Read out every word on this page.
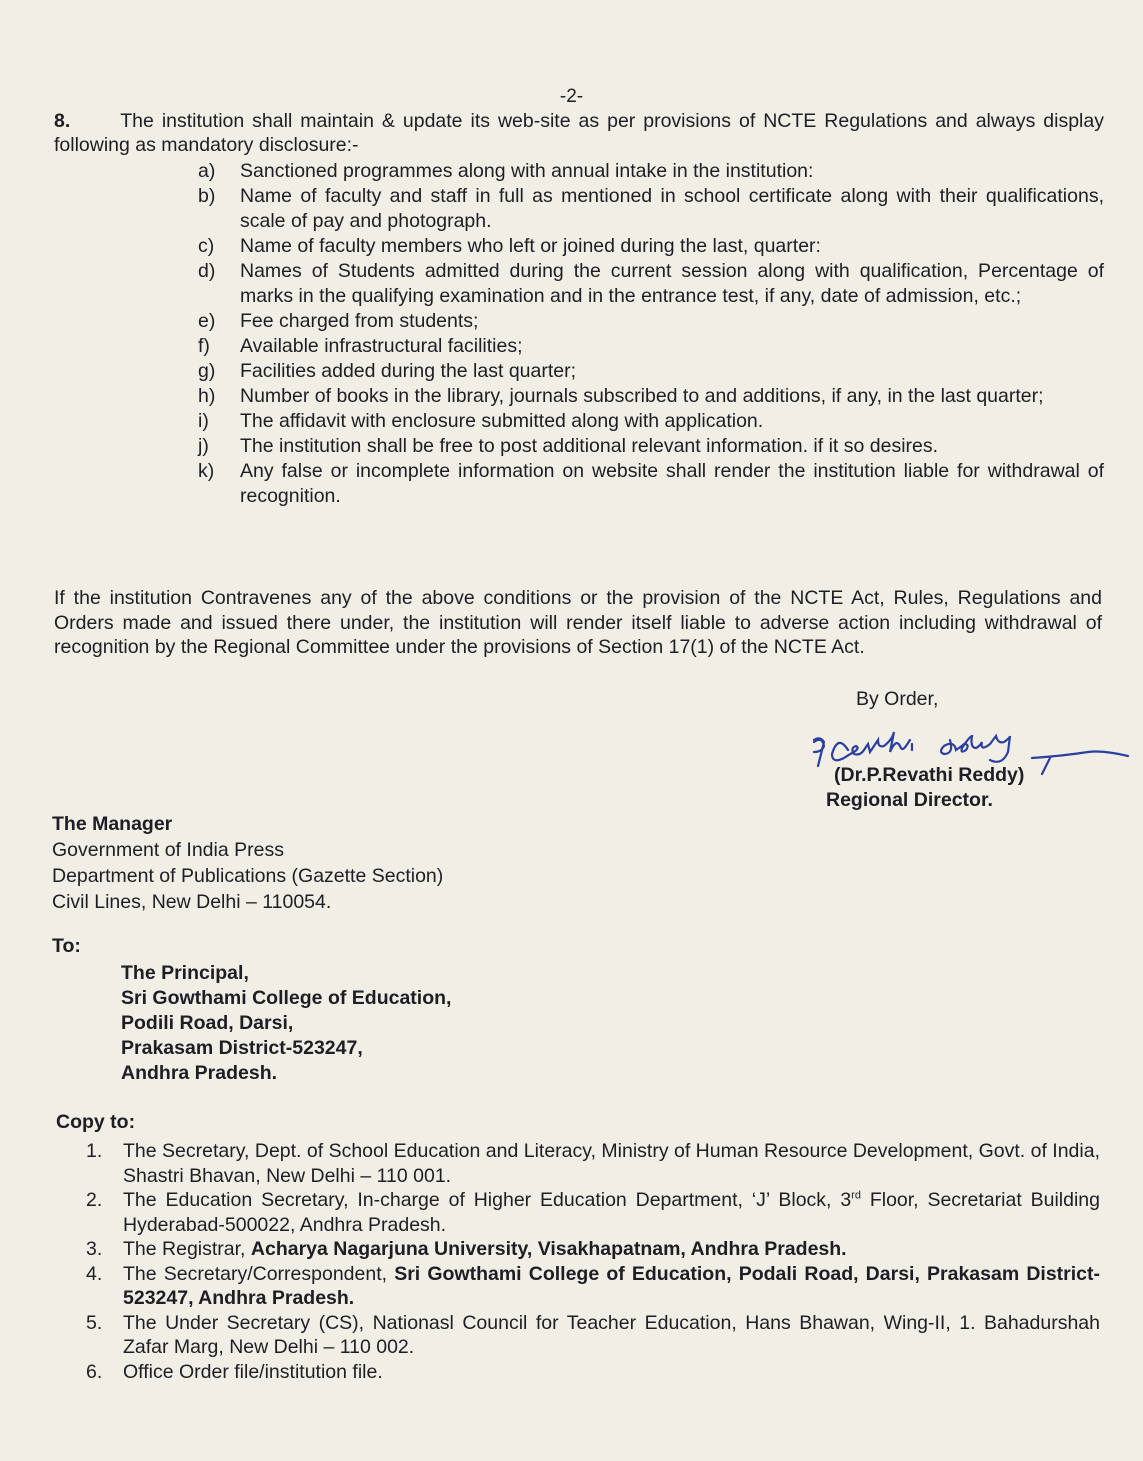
-2-
8.	The institution shall maintain & update its web-site as per provisions of NCTE Regulations and always display following as mandatory disclosure:-
a)	Sanctioned programmes along with annual intake in the institution:
b)	Name of faculty and staff in full as mentioned in school certificate along with their qualifications, scale of pay and photograph.
c)	Name of faculty members who left or joined during the last, quarter:
d)	Names of Students admitted during the current session along with qualification, Percentage of marks in the qualifying examination and in the entrance test, if any, date of admission, etc.;
e)	Fee charged from students;
f)	Available infrastructural facilities;
g)	Facilities added during the last quarter;
h)	Number of books in the library, journals subscribed to and additions, if any, in the last quarter;
i)	The affidavit with enclosure submitted along with application.
j)	The institution shall be free to post additional relevant information. if it so desires.
k)	Any false or incomplete information on website shall render the institution liable for withdrawal of recognition.
If the institution Contravenes any of the above conditions or the provision of the NCTE Act, Rules, Regulations and Orders made and issued there under, the institution will render itself liable to adverse action including withdrawal of recognition by the Regional Committee under the provisions of Section 17(1) of the NCTE Act.
By Order,
(Dr.P.Revathi Reddy)
Regional Director.
The Manager
Government of India Press
Department of Publications (Gazette Section)
Civil Lines, New Delhi – 110054.
To:
The Principal,
Sri Gowthami College of Education,
Podili Road, Darsi,
Prakasam District-523247,
Andhra Pradesh.
Copy to:
1.	The Secretary, Dept. of School Education and Literacy, Ministry of Human Resource Development, Govt. of India, Shastri Bhavan, New Delhi – 110 001.
2.	The Education Secretary, In-charge of Higher Education Department, ‘J’ Block, 3rd Floor, Secretariat Building Hyderabad-500022, Andhra Pradesh.
3.	The Registrar, Acharya Nagarjuna University, Visakhapatnam, Andhra Pradesh.
4.	The Secretary/Correspondent, Sri Gowthami College of Education, Podali Road, Darsi, Prakasam District-523247, Andhra Pradesh.
5.	The Under Secretary (CS), Nationasl Council for Teacher Education, Hans Bhawan, Wing-II, 1. Bahadurshah Zafar Marg, New Delhi – 110 002.
6.	Office Order file/institution file.
